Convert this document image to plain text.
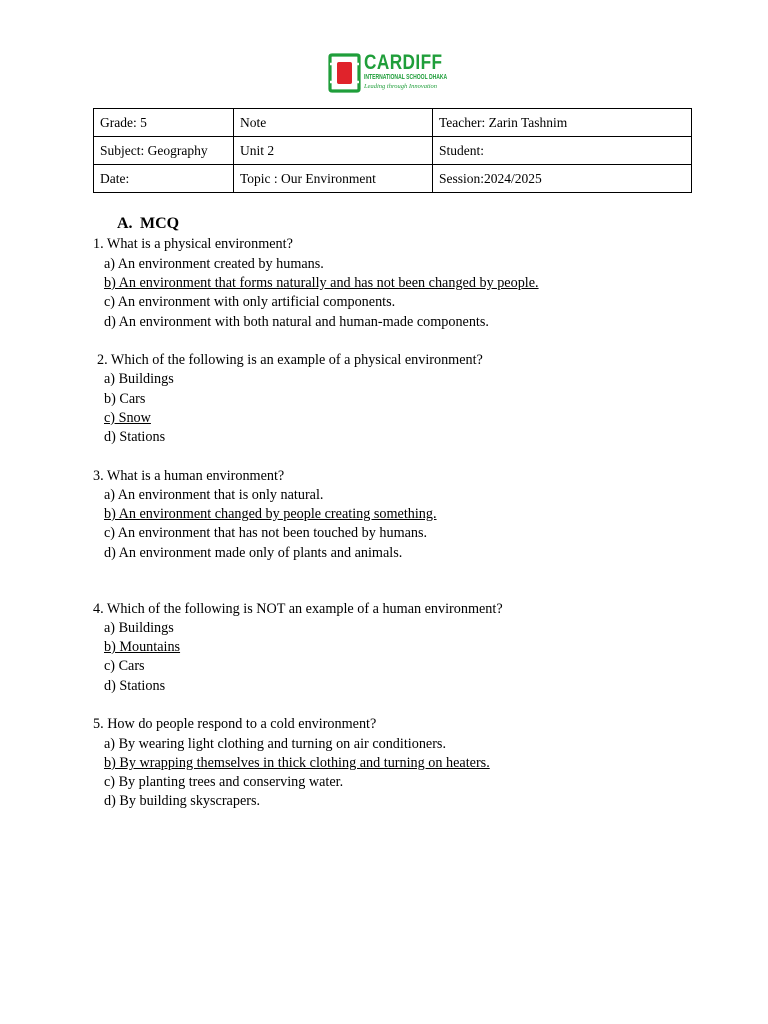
CARDIFF
INTERNATIONAL SCHOOL DHAKA
Leading through Innovation
Grade: 5	Note	Teacher: Zarin Tashnim
Subject: Geography	Unit 2	Student:
Date:	Topic : Our Environment	Session:2024/2025
A. MCQ
1. What is a physical environment?
a) An environment created by humans.
b) An environment that forms naturally and has not been changed by people.
c) An environment with only artificial components.
d) An environment with both natural and human-made components.
2. Which of the following is an example of a physical environment?
a) Buildings
b) Cars
c) Snow
d) Stations
3. What is a human environment?
a) An environment that is only natural.
b) An environment changed by people creating something.
c) An environment that has not been touched by humans.
d) An environment made only of plants and animals.
4. Which of the following is NOT an example of a human environment?
a) Buildings
b) Mountains
c) Cars
d) Stations
5. How do people respond to a cold environment?
a) By wearing light clothing and turning on air conditioners.
b) By wrapping themselves in thick clothing and turning on heaters.
c) By planting trees and conserving water.
d) By building skyscrapers.
